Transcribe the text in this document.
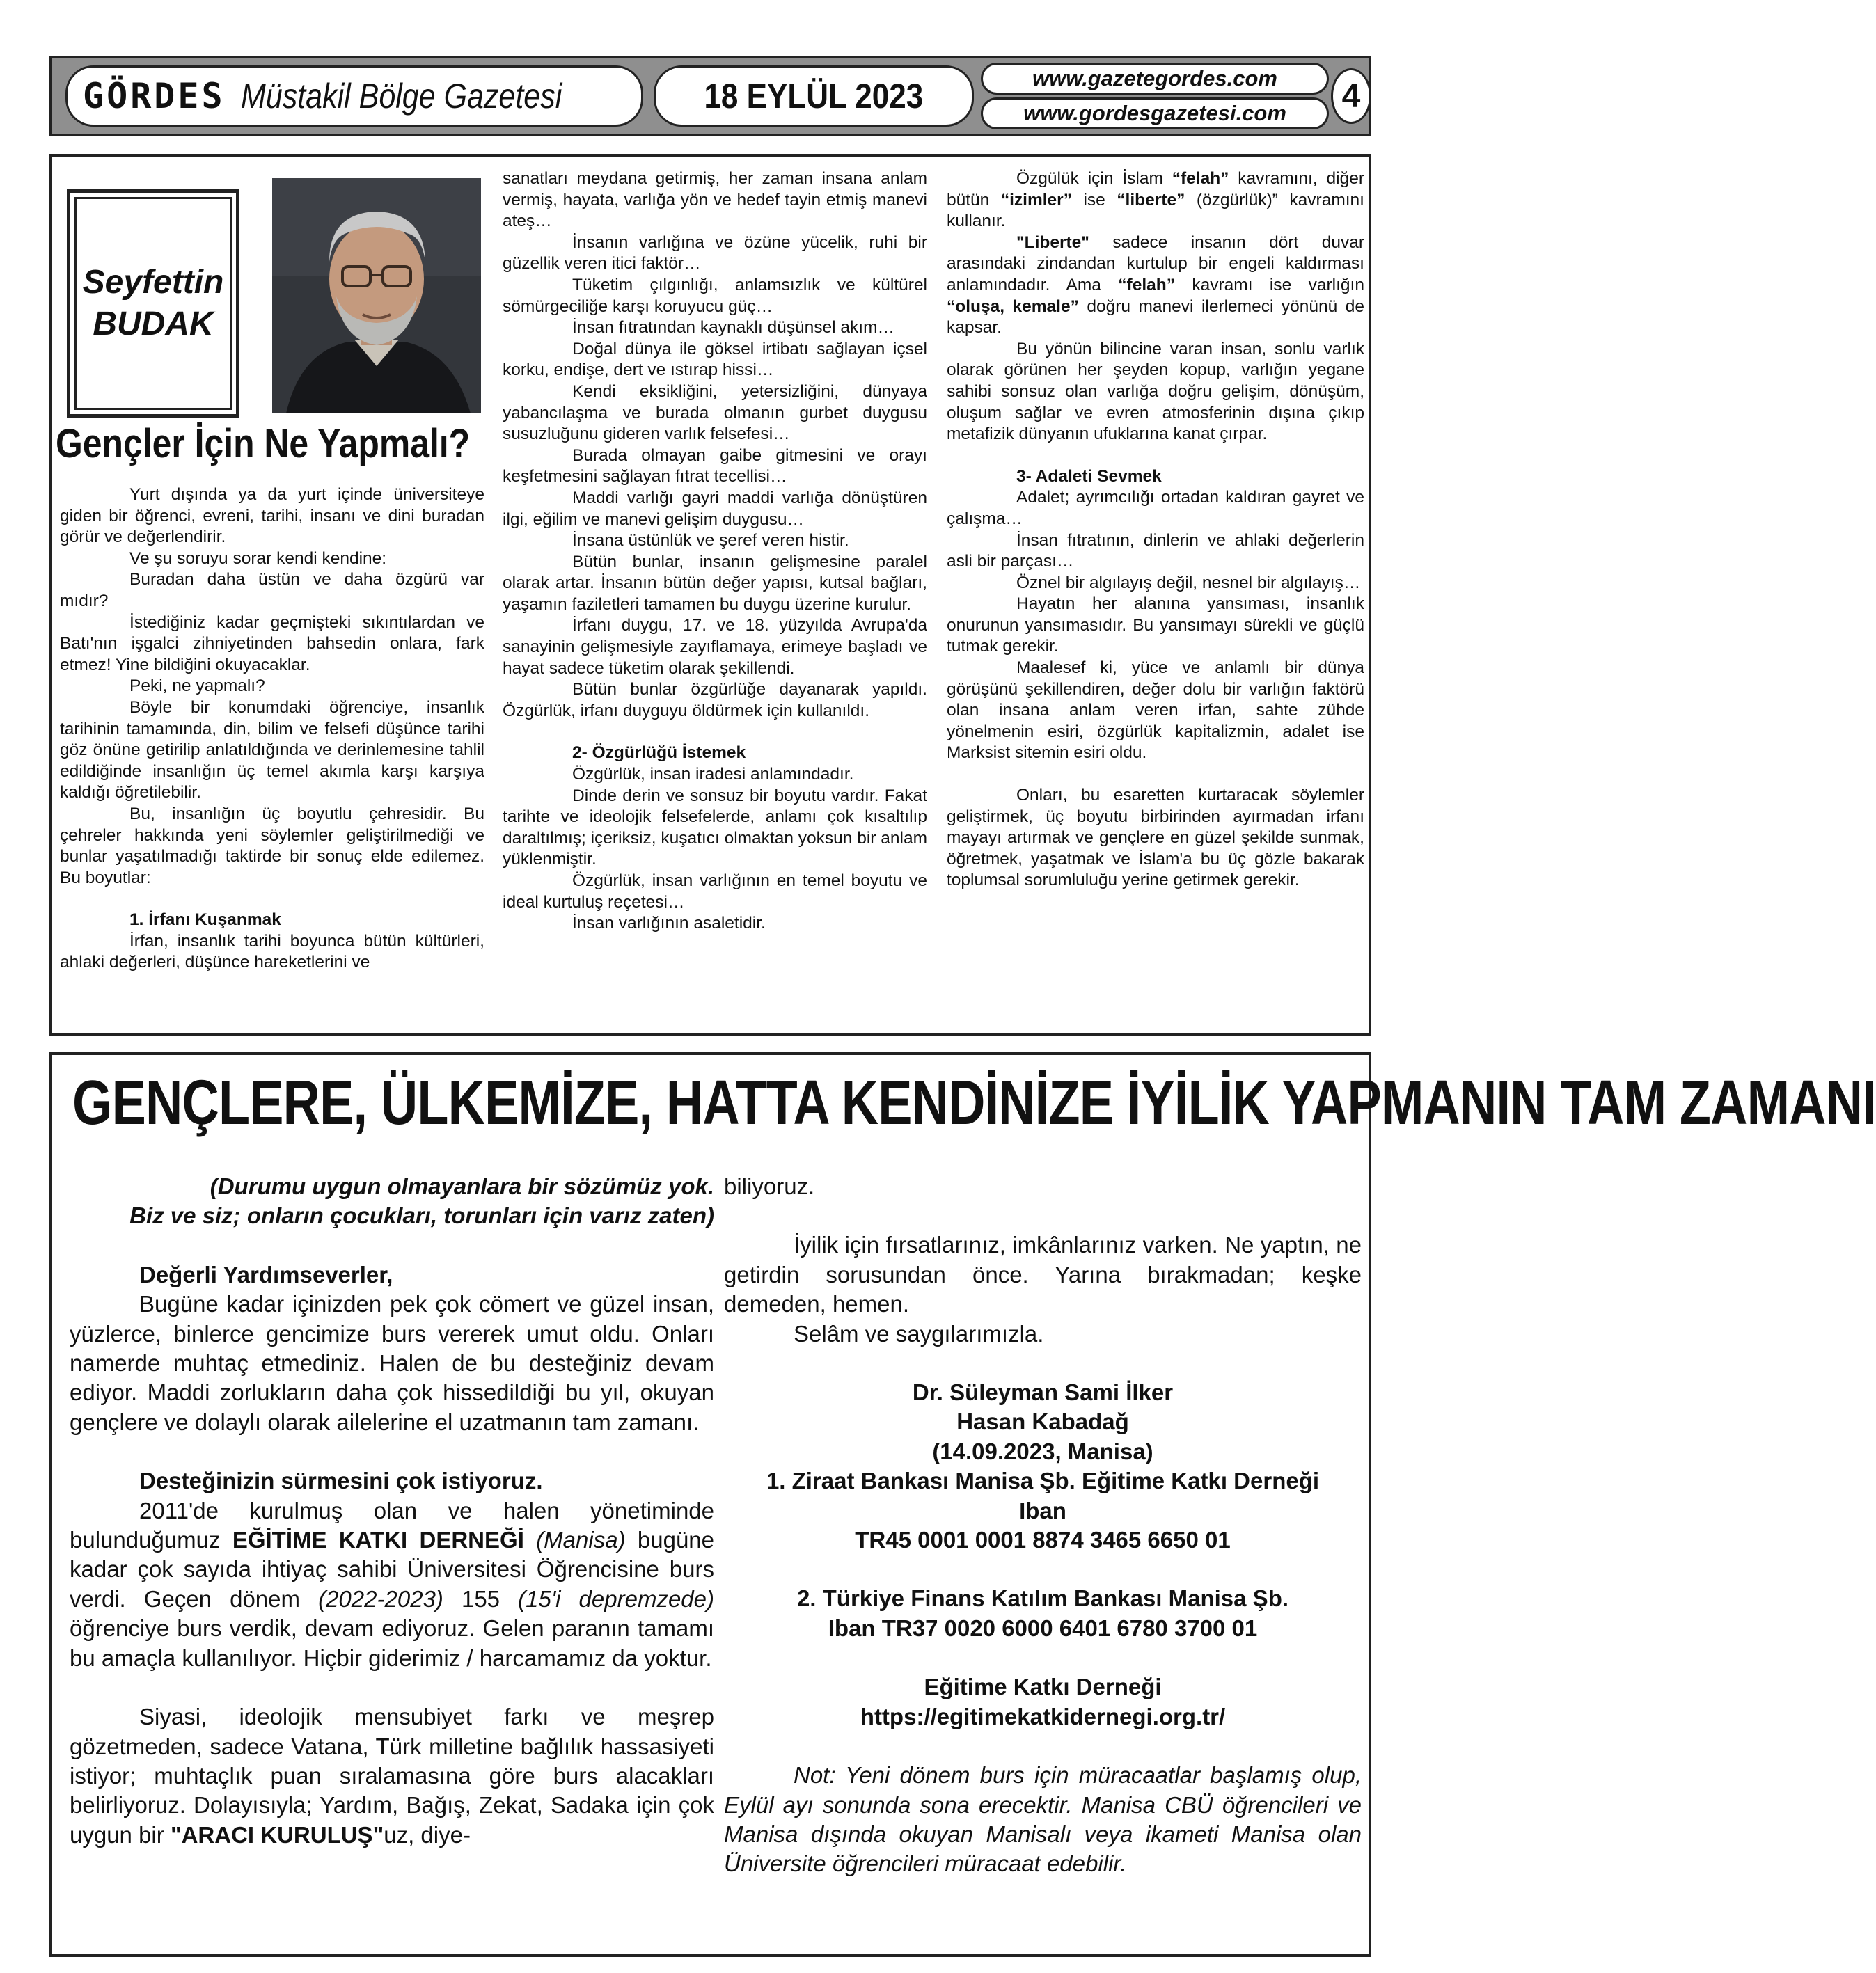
GÖRDES Müstakil Bölge Gazetesi	18 EYLÜL 2023	www.gazetegordes.com
www.gordesgazetesi.com	4
Seyfettin
BUDAK
Gençler İçin Ne Yapmalı?

Yurt dışında ya da yurt içinde üniversiteye giden bir öğrenci, evreni, tarihi, insanı ve dini buradan görür ve değerlendirir.

Ve şu soruyu sorar kendi kendine:

Buradan daha üstün ve daha özgürü var mıdır?

İstediğiniz kadar geçmişteki sıkıntılardan ve Batı'nın işgalci zihniyetinden bahsedin onlara, fark etmez! Yine bildiğini okuyacaklar.

Peki, ne yapmalı?

Böyle bir konumdaki öğrenciye, insanlık tarihinin tamamında, din, bilim ve felsefi düşünce tarihi göz önüne getirilip anlatıldığında ve derinlemesine tahlil edildiğinde insanlığın üç temel akımla karşı karşıya kaldığı öğretilebilir.

Bu, insanlığın üç boyutlu çehresidir. Bu çehreler hakkında yeni söylemler geliştirilmediği ve bunlar yaşatılmadığı taktirde bir sonuç elde edilemez. Bu boyutlar:

1. İrfanı Kuşanmak

İrfan, insanlık tarihi boyunca bütün kültürleri, ahlaki değerleri, düşünce hareketlerini ve

sanatları meydana getirmiş, her zaman insana anlam vermiş, hayata, varlığa yön ve hedef tayin etmiş manevi ateş…

İnsanın varlığına ve özüne yücelik, ruhi bir güzellik veren itici faktör…

Tüketim çılgınlığı, anlamsızlık ve kültürel sömürgeciliğe karşı koruyucu güç…

İnsan fıtratından kaynaklı düşünsel akım…

Doğal dünya ile göksel irtibatı sağlayan içsel korku, endişe, dert ve ıstırap hissi…

Kendi eksikliğini, yetersizliğini, dünyaya yabancılaşma ve burada olmanın gurbet duygusu susuzluğunu gideren varlık felsefesi…

Burada olmayan gaibe gitmesini ve orayı keşfetmesini sağlayan fıtrat tecellisi…

Maddi varlığı gayri maddi varlığa dönüştüren ilgi, eğilim ve manevi gelişim duygusu…

İnsana üstünlük ve şeref veren histir.

Bütün bunlar, insanın gelişmesine paralel olarak artar. İnsanın bütün değer yapısı, kutsal bağları, yaşamın faziletleri tamamen bu duygu üzerine kurulur.

İrfanı duygu, 17. ve 18. yüzyılda Avrupa'da sanayinin gelişmesiyle zayıflamaya, erimeye başladı ve hayat sadece tüketim olarak şekillendi.

Bütün bunlar özgürlüğe dayanarak yapıldı. Özgürlük, irfanı duyguyu öldürmek için kullanıldı.

2- Özgürlüğü İstemek

Özgürlük, insan iradesi anlamındadır.

Dinde derin ve sonsuz bir boyutu vardır. Fakat tarihte ve ideolojik felsefelerde, anlamı çok kısaltılıp daraltılmış; içeriksiz, kuşatıcı olmaktan yoksun bir anlam yüklenmiştir.

Özgürlük, insan varlığının en temel boyutu ve ideal kurtuluş reçetesi…

İnsan varlığının asaletidir.

Özgülük için İslam “felah” kavramını, diğer bütün “izimler” ise “liberte” (özgürlük)” kavramını kullanır.

"Liberte" sadece insanın dört duvar arasındaki zindandan kurtulup bir engeli kaldırması anlamındadır. Ama “felah” kavramı ise varlığın “oluşa, kemale” doğru manevi ilerlemeci yönünü de kapsar.

Bu yönün bilincine varan insan, sonlu varlık olarak görünen her şeyden kopup, varlığın yegane sahibi sonsuz olan varlığa doğru gelişim, dönüşüm, oluşum sağlar ve evren atmosferinin dışına çıkıp metafizik dünyanın ufuklarına kanat çırpar.

3- Adaleti Sevmek

Adalet; ayrımcılığı ortadan kaldıran gayret ve çalışma…

İnsan fıtratının, dinlerin ve ahlaki değerlerin asli bir parçası…

Öznel bir algılayış değil, nesnel bir algılayış…

Hayatın her alanına yansıması, insanlık onurunun yansımasıdır. Bu yansımayı sürekli ve güçlü tutmak gerekir.

Maalesef ki, yüce ve anlamlı bir dünya görüşünü şekillendiren, değer dolu bir varlığın faktörü olan insana anlam veren irfan, sahte zühde yönelmenin esiri, özgürlük kapitalizmin, adalet ise Marksist sitemin esiri oldu.

Onları, bu esaretten kurtaracak söylemler geliştirmek, üç boyutu birbirinden ayırmadan irfanı mayayı artırmak ve gençlere en güzel şekilde sunmak, öğretmek, yaşatmak ve İslam'a bu üç gözle bakarak toplumsal sorumluluğu yerine getirmek gerekir.

GENÇLERE, ÜLKEMİZE, HATTA KENDİNİZE İYİLİK YAPMANIN TAM ZAMANI

(Durumu uygun olmayanlara bir sözümüz yok.

Biz ve siz; onların çocukları, torunları için varız zaten)

Değerli Yardımseverler,

Bugüne kadar içinizden pek çok cömert ve güzel insan, yüzlerce, binlerce gencimize burs vererek umut oldu. Onları namerde muhtaç etmediniz. Halen de bu desteğiniz devam ediyor. Maddi zorlukların daha çok hissedildiği bu yıl, okuyan gençlere ve dolaylı olarak ailelerine el uzatmanın tam zamanı.

Desteğinizin sürmesini çok istiyoruz.

2011'de kurulmuş olan ve halen yönetiminde bulunduğumuz EĞİTİME KATKI DERNEĞİ (Manisa) bugüne kadar çok sayıda ihtiyaç sahibi Üniversitesi Öğrencisine burs verdi. Geçen dönem (2022-2023) 155 (15'i depremzede) öğrenciye burs verdik, devam ediyoruz. Gelen paranın tamamı bu amaçla kullanılıyor. Hiçbir giderimiz / harcamamız da yoktur.

Siyasi, ideolojik mensubiyet farkı ve meşrep gözetmeden, sadece Vatana, Türk milletine bağlılık hassasiyeti istiyor; muhtaçlık puan sıralamasına göre burs alacakları belirliyoruz. Dolayısıyla; Yardım, Bağış, Zekat, Sadaka için çok uygun bir "ARACI KURULUŞ"uz, diye-

biliyoruz.

İyilik için fırsatlarınız, imkânlarınız varken. Ne yaptın, ne getirdin sorusundan önce. Yarına bırakmadan; keşke demeden, hemen.

Selâm ve saygılarımızla.

Dr. Süleyman Sami İlker

Hasan Kabadağ

(14.09.2023, Manisa)

1. Ziraat Bankası Manisa Şb. Eğitime Katkı Derneği

Iban

TR45 0001 0001 8874 3465 6650 01

2. Türkiye Finans Katılım Bankası Manisa Şb.

Iban TR37 0020 6000 6401 6780 3700 01

Eğitime Katkı Derneği

https://egitimekatkidernegi.org.tr/

Not: Yeni dönem burs için müracaatlar başlamış olup, Eylül ayı sonunda sona erecektir. Manisa CBÜ öğrencileri ve Manisa dışında okuyan Manisalı veya ikameti Manisa olan Üniversite öğrencileri müracaat edebilir.
